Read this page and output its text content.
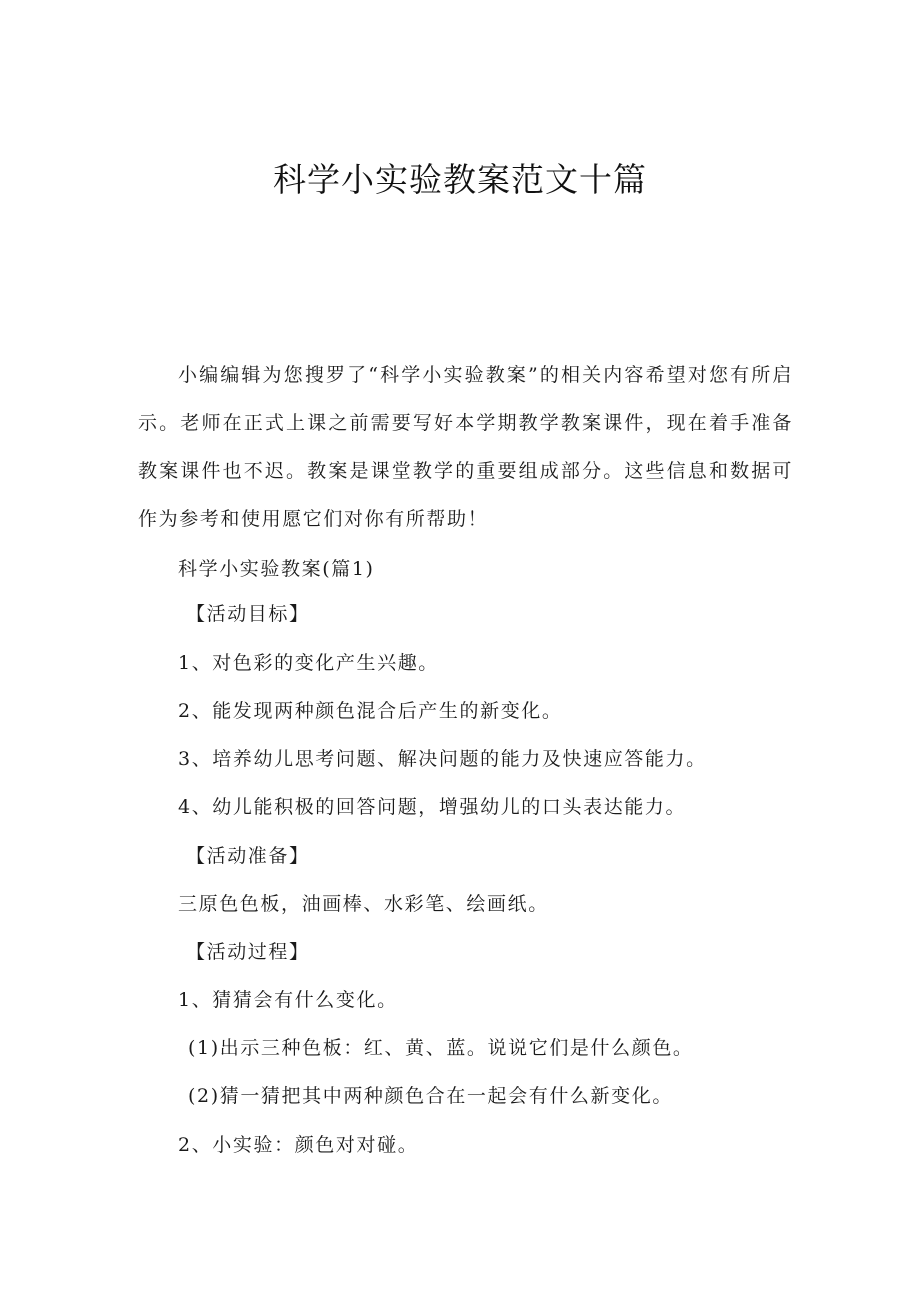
科学小实验教案范文十篇

小编编辑为您搜罗了“科学小实验教案”的相关内容希望对您有所启示。老师在正式上课之前需要写好本学期教学教案课件，现在着手准备教案课件也不迟。教案是课堂教学的重要组成部分。这些信息和数据可作为参考和使用愿它们对你有所帮助！

科学小实验教案(篇1)

【活动目标】

1、对色彩的变化产生兴趣。

2、能发现两种颜色混合后产生的新变化。

3、培养幼儿思考问题、解决问题的能力及快速应答能力。

4、幼儿能积极的回答问题，增强幼儿的口头表达能力。

【活动准备】

三原色色板，油画棒、水彩笔、绘画纸。

【活动过程】

1、猜猜会有什么变化。

(1)出示三种色板：红、黄、蓝。说说它们是什么颜色。

(2)猜一猜把其中两种颜色合在一起会有什么新变化。

2、小实验：颜色对对碰。
